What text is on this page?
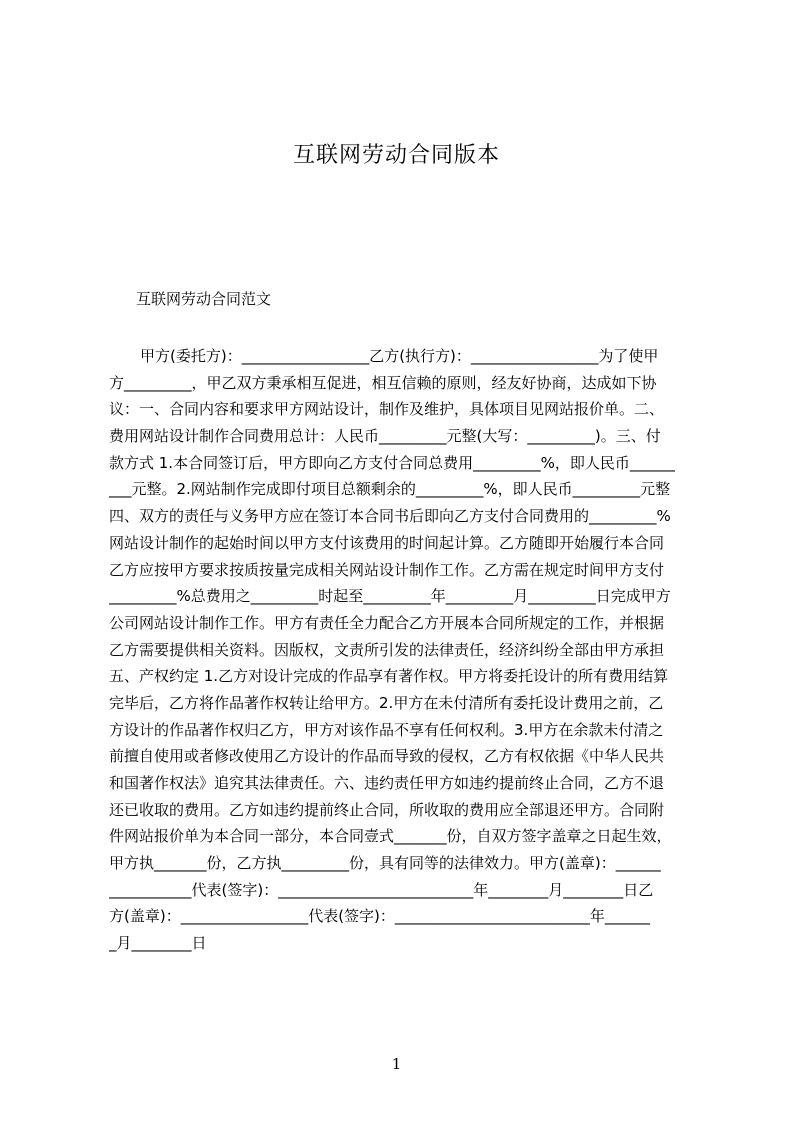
互联网劳动合同版本
互联网劳动合同范文
甲方(委托方)：_________________乙方(执行方)：_________________为了使甲
方_________，甲乙双方秉承相互促进，相互信赖的原则，经友好协商，达成如下协
议：一、合同内容和要求甲方网站设计，制作及维护，具体项目见网站报价单。二、
费用网站设计制作合同费用总计：人民币_________元整(大写：_________)。三、付
款方式 1.本合同签订后，甲方即向乙方支付合同总费用_________%，即人民币______
___元整。2.网站制作完成即付项目总额剩余的_________%，即人民币_________元整
四、双方的责任与义务甲方应在签订本合同书后即向乙方支付合同费用的_________%
网站设计制作的起始时间以甲方支付该费用的时间起计算。乙方随即开始履行本合同
乙方应按甲方要求按质按量完成相关网站设计制作工作。乙方需在规定时间甲方支付
_________%总费用之_________时起至_________年_________月_________日完成甲方
公司网站设计制作工作。甲方有责任全力配合乙方开展本合同所规定的工作，并根据
乙方需要提供相关资料。因版权，文责所引发的法律责任，经济纠纷全部由甲方承担
五、产权约定 1.乙方对设计完成的作品享有著作权。甲方将委托设计的所有费用结算
完毕后，乙方将作品著作权转让给甲方。2.甲方在未付清所有委托设计费用之前，乙
方设计的作品著作权归乙方，甲方对该作品不享有任何权利。3.甲方在余款未付清之
前擅自使用或者修改使用乙方设计的作品而导致的侵权，乙方有权依据《中华人民共
和国著作权法》追究其法律责任。六、违约责任甲方如违约提前终止合同，乙方不退
还已收取的费用。乙方如违约提前终止合同，所收取的费用应全部退还甲方。合同附
件网站报价单为本合同一部分，本合同壹式_______份，自双方签字盖章之日起生效，
甲方执_______份，乙方执_________份，具有同等的法律效力。甲方(盖章)：______
___________代表(签字)：__________________________年________月________日乙
方(盖章)：_________________代表(签字)：__________________________年______
_月________日
1
